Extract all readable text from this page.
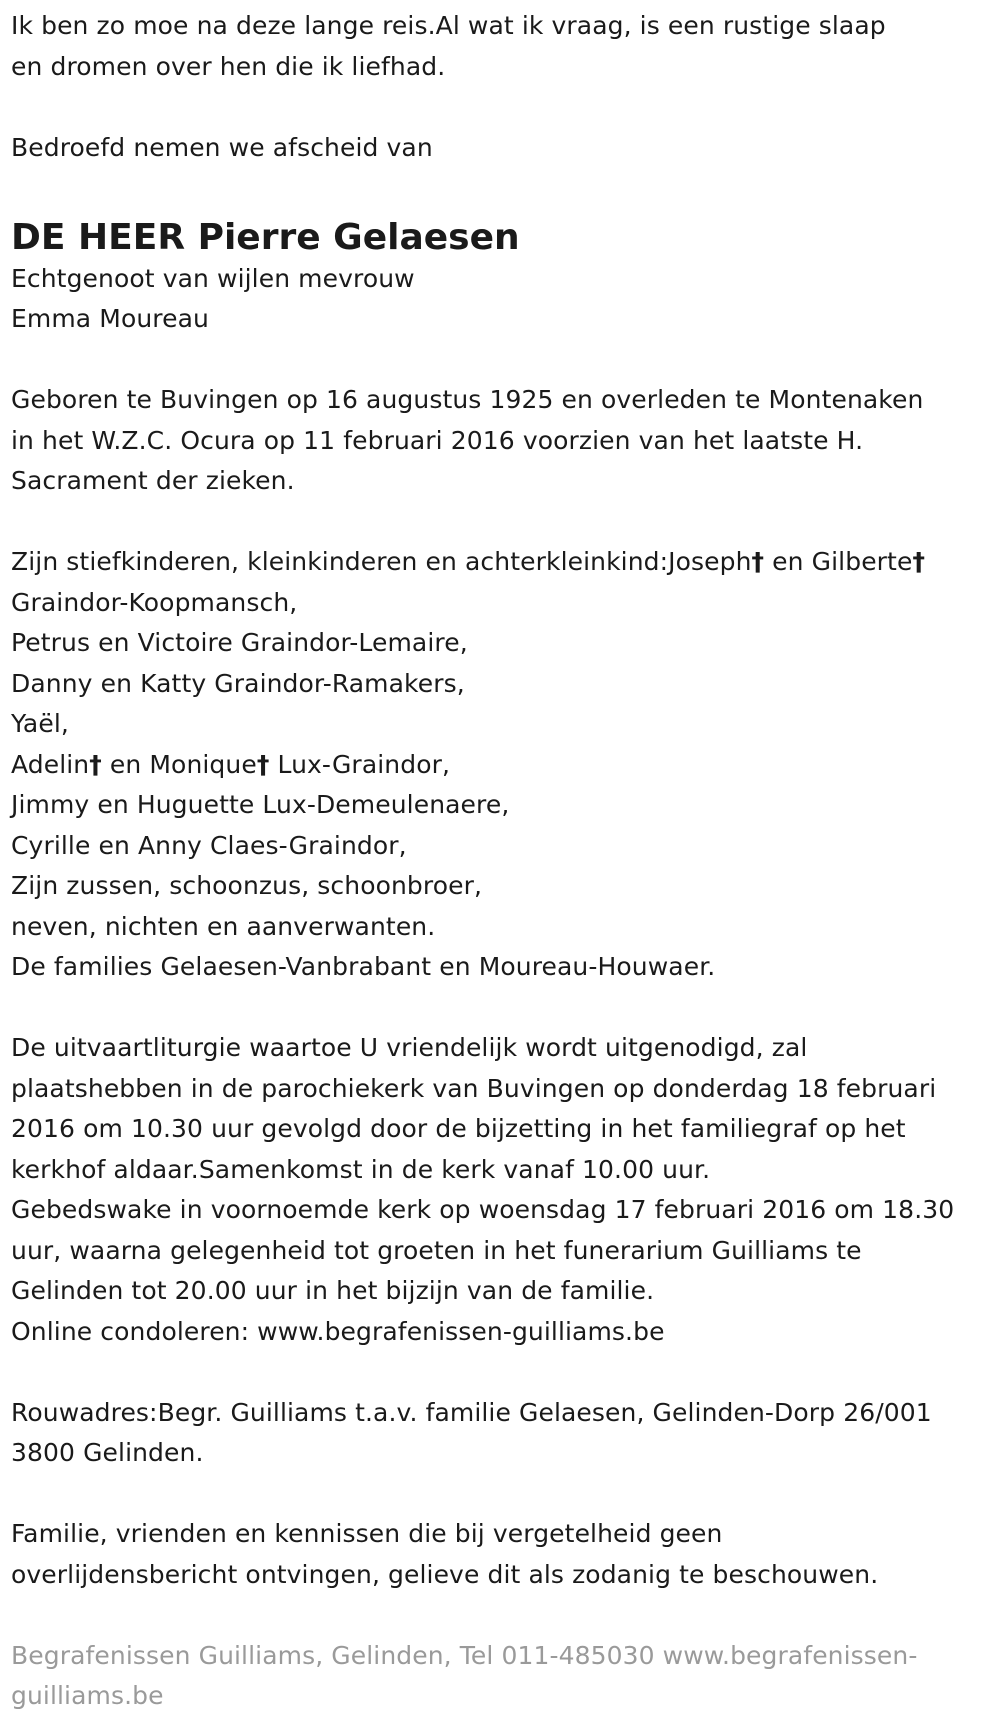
Ik ben zo moe na deze lange reis.Al wat ik vraag, is een rustige slaap
en dromen over hen die ik liefhad.
Bedroefd nemen we afscheid van
DE HEER Pierre Gelaesen
Echtgenoot van wijlen mevrouw
Emma Moureau
Geboren te Buvingen op 16 augustus 1925 en overleden te Montenaken
in het W.Z.C. Ocura op 11 februari 2016 voorzien van het laatste H.
Sacrament der zieken.
Zijn stiefkinderen, kleinkinderen en achterkleinkind:Joseph† en Gilberte†
Graindor-Koopmansch,
Petrus en Victoire Graindor-Lemaire,
Danny en Katty Graindor-Ramakers,
Yaël,
Adelin† en Monique† Lux-Graindor,
Jimmy en Huguette Lux-Demeulenaere,
Cyrille en Anny Claes-Graindor,
Zijn zussen, schoonzus, schoonbroer,
neven, nichten en aanverwanten.
De families Gelaesen-Vanbrabant en Moureau-Houwaer.
De uitvaartliturgie waartoe U vriendelijk wordt uitgenodigd, zal
plaatshebben in de parochiekerk van Buvingen op donderdag 18 februari
2016 om 10.30 uur gevolgd door de bijzetting in het familiegraf op het
kerkhof aldaar.Samenkomst in de kerk vanaf 10.00 uur.
Gebedswake in voornoemde kerk op woensdag 17 februari 2016 om 18.30
uur, waarna gelegenheid tot groeten in het funerarium Guilliams te
Gelinden tot 20.00 uur in het bijzijn van de familie.
Online condoleren: www.begrafenissen-guilliams.be
Rouwadres:Begr. Guilliams t.a.v. familie Gelaesen, Gelinden-Dorp 26/001
3800 Gelinden.
Familie, vrienden en kennissen die bij vergetelheid geen
overlijdensbericht ontvingen, gelieve dit als zodanig te beschouwen.
Begrafenissen Guilliams, Gelinden, Tel 011-485030 www.begrafenissen-
guilliams.be
